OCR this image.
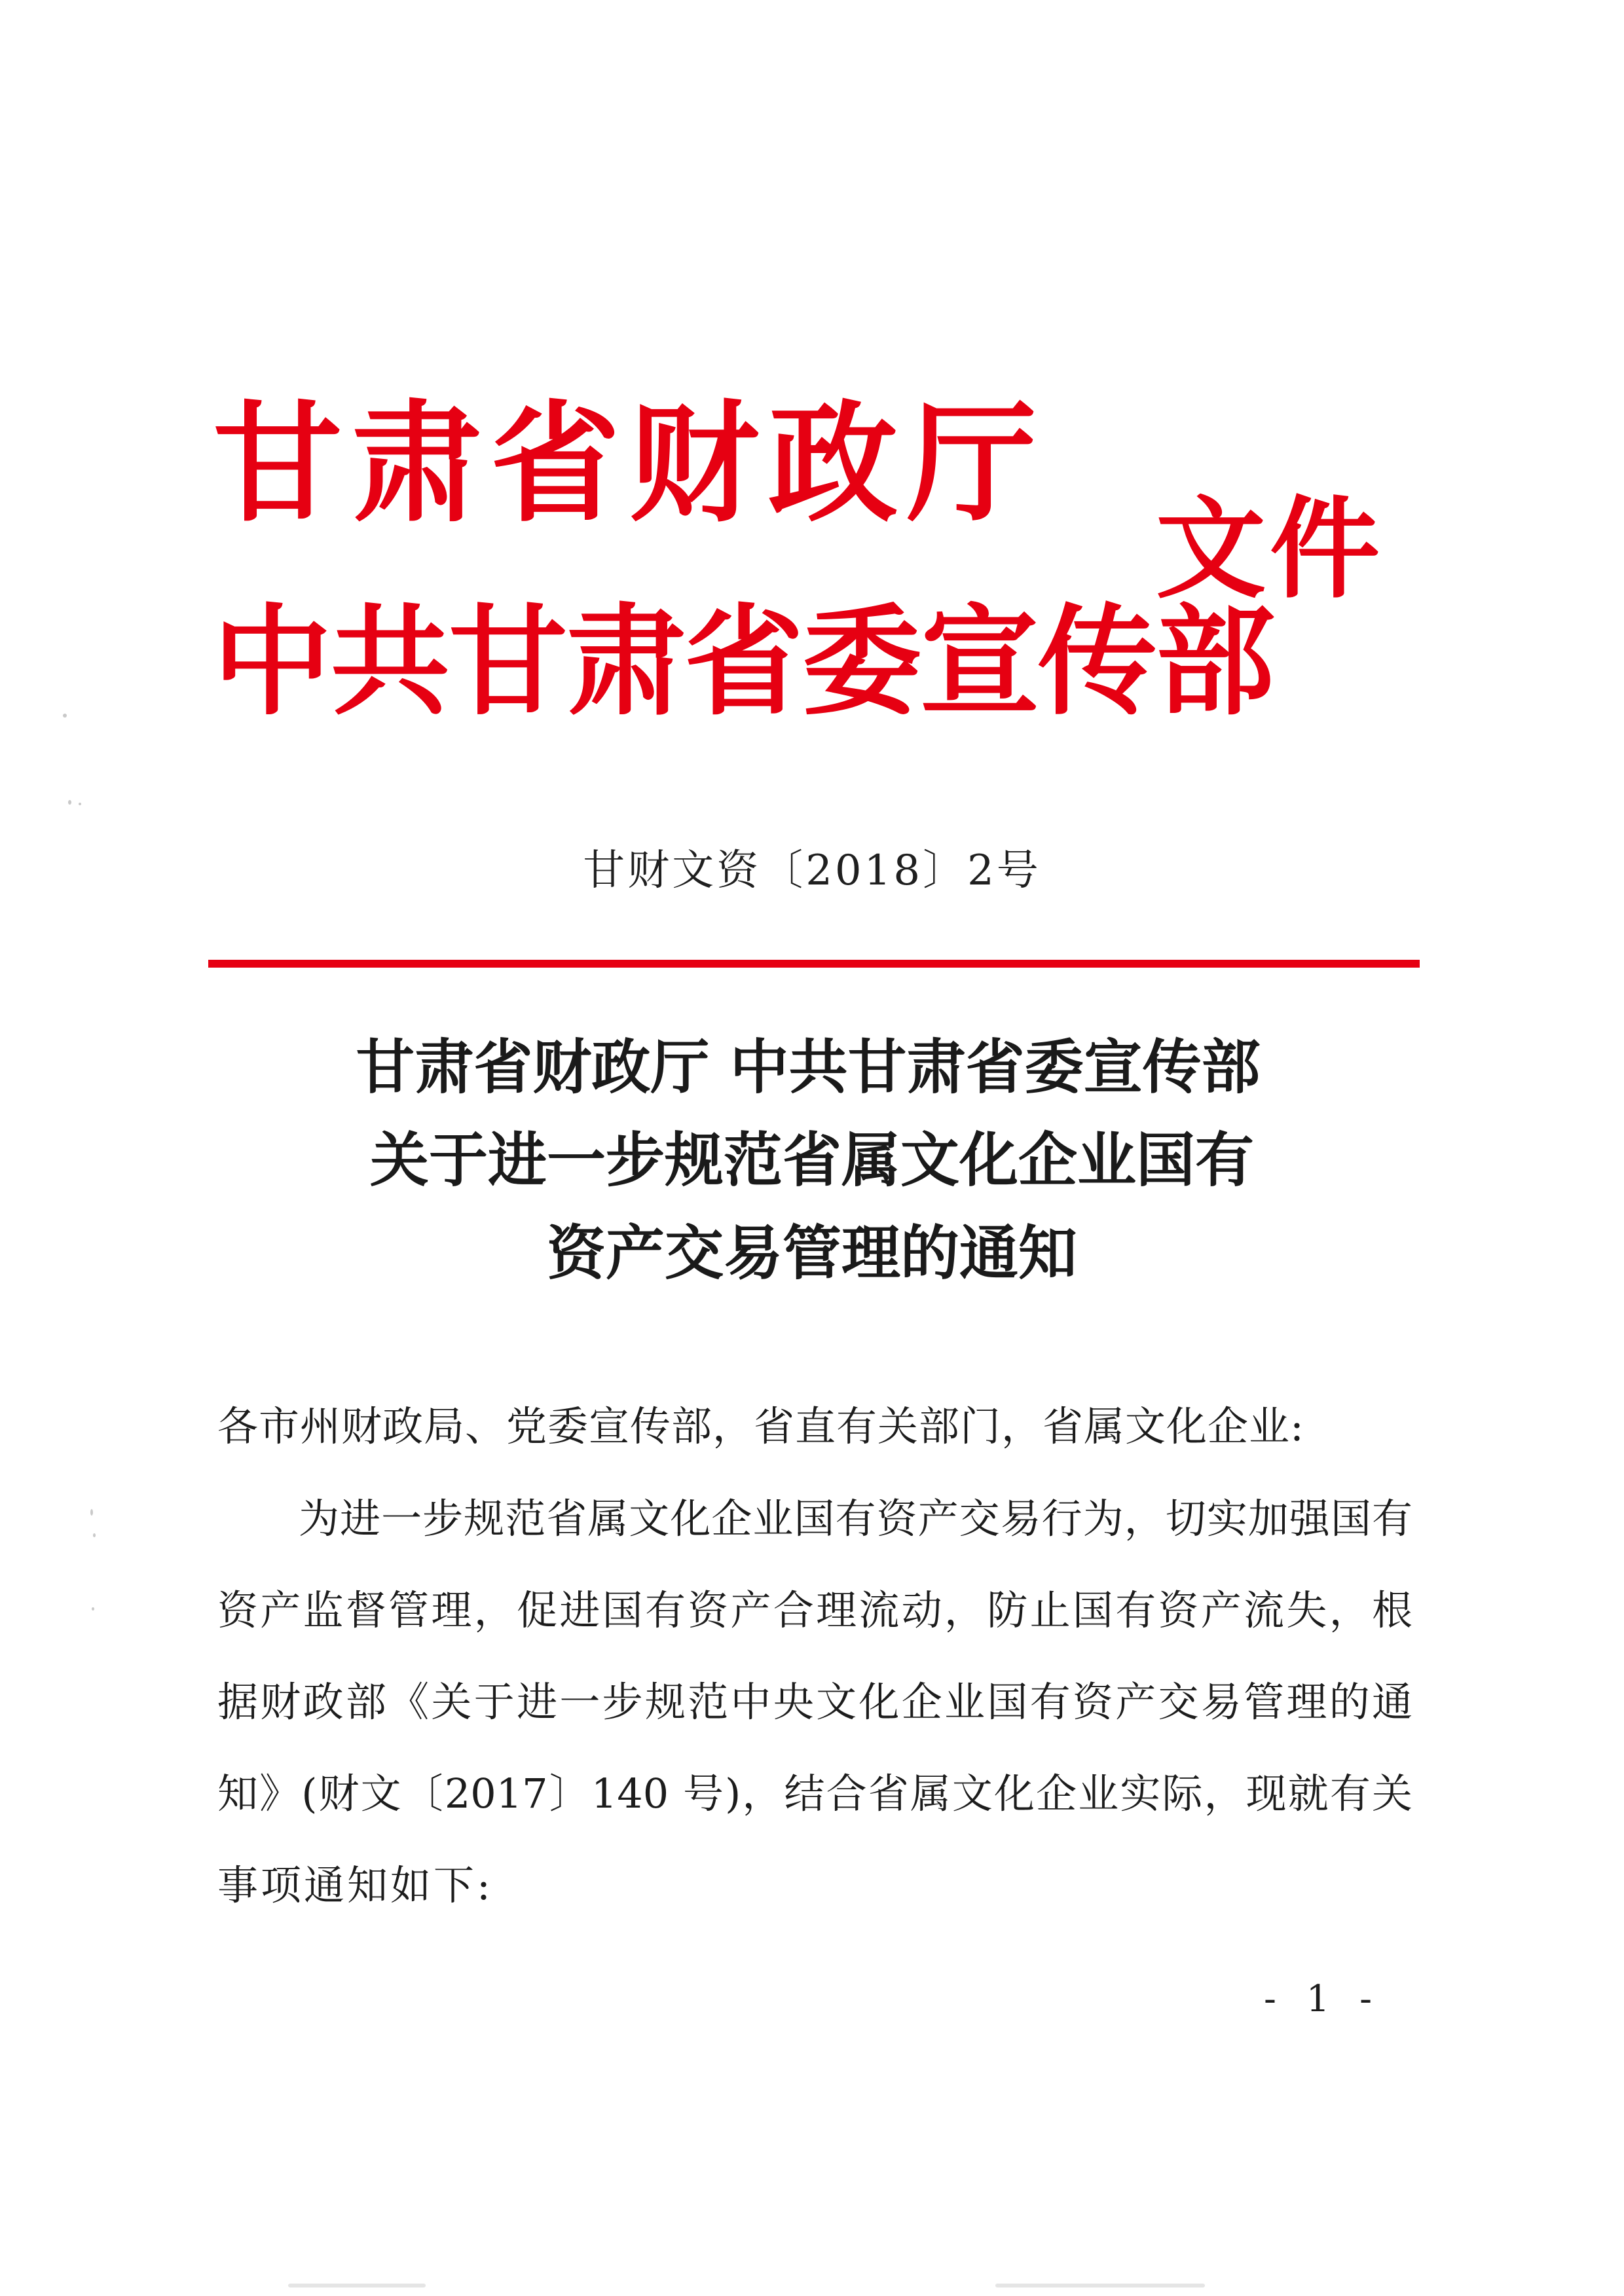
甘肃省财政厅
中共甘肃省委宣传部
文件
甘财文资〔2018〕2号
甘肃省财政厅 中共甘肃省委宣传部
关于进一步规范省属文化企业国有
资产交易管理的通知
各市州财政局、党委宣传部，省直有关部门，省属文化企业:
为进一步规范省属文化企业国有资产交易行为，切实加强国有
资产监督管理，促进国有资产合理流动，防止国有资产流失，根
据财政部《关于进一步规范中央文化企业国有资产交易管理的通
知》(财文〔2017〕140 号)，结合省属文化企业实际，现就有关
事项通知如下:
- 1 -
